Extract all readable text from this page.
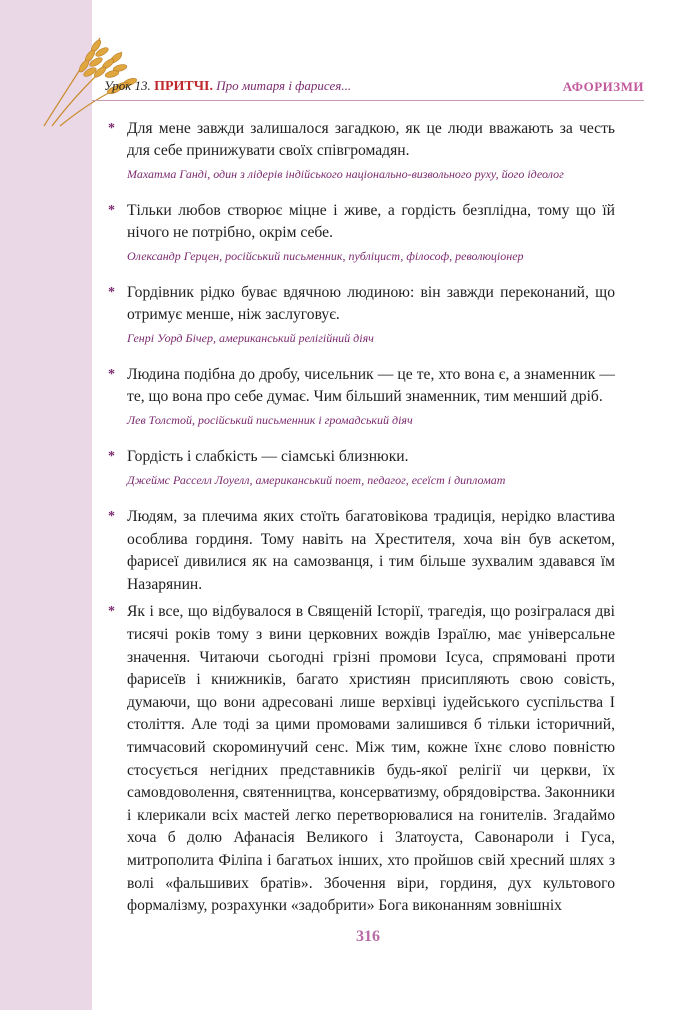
Урок 13. ПРИТЧІ. Про митаря і фарисея...	АФОРИЗМИ
* Для мене завжди залишалося загадкою, як це люди вважають за честь для себе принижувати своїх співгромадян.
Махатма Ганді, один з лідерів індійського національно-визвольного руху, його ідеолог
* Тільки любов створює міцне і живе, а гордість безплідна, тому що їй нічого не потрібно, окрім себе.
Олександр Герцен, російський письменник, публіцист, філософ, революціонер
* Гордівник рідко буває вдячною людиною: він завжди переконаний, що отримує менше, ніж заслуговує.
Генрі Уорд Бічер, американський релігійний діяч
* Людина подібна до дробу, чисельник — це те, хто вона є, а знаменник — те, що вона про себе думає. Чим більший знаменник, тим менший дріб.
Лев Толстой, російський письменник і громадський діяч
* Гордість і слабкість — сіамські близнюки.
Джеймс Расселл Лоуелл, американський поет, педагог, есеїст і дипломат
* Людям, за плечима яких стоїть багатовікова традиція, нерідко властива особлива гординя. Тому навіть на Хрестителя, хоча він був аскетом, фарисеї дивилися як на самозванця, і тим більше зухвалим здавався їм Назарянин.
* Як і все, що відбувалося в Священій Історії, трагедія, що розігралася дві тисячі років тому з вини церковних вождів Ізраїлю, має універсальне значення. Читаючи сьогодні грізні промови Ісуса, спрямовані проти фарисеїв і книжників, багато християн присипляють свою совість, думаючи, що вони адресовані лише верхівці іудейського суспільства I століття. Але тоді за цими промовами залишився б тільки історичний, тимчасовий скороминучий сенс. Між тим, кожне їхнє слово повністю стосується негідних представників будь-якої релігії чи церкви, їх самовдоволення, святенництва, консерватизму, обрядовірства. Законники і клерикали всіх мастей легко перетворювалися на гонителів. Згадаймо хоча б долю Афанасія Великого і Златоуста, Савонароли і Гуса, митрополита Філіпа і багатьох інших, хто пройшов свій хресний шлях з волі «фальшивих братів». Збочення віри, гординя, дух культового формалізму, розрахунки «задобрити» Бога виконанням зовнішніх
316
